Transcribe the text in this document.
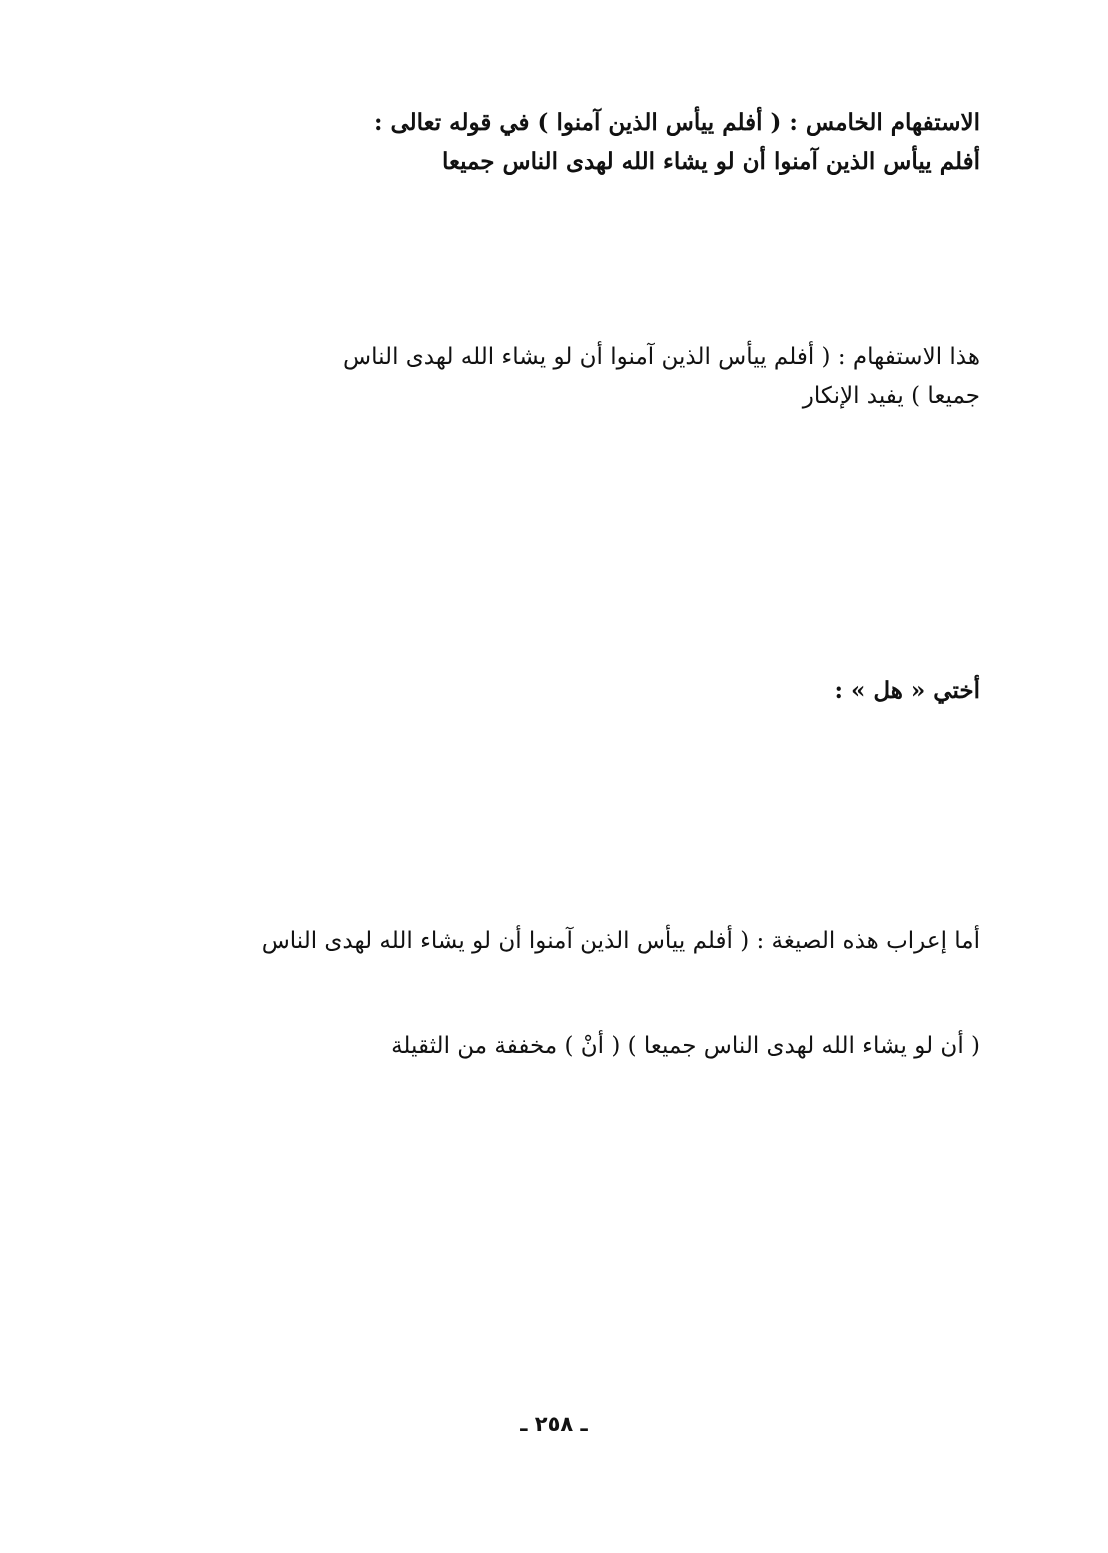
الاستفهام الخامس : ( أفلم ييأس الذين آمنوا ) في قوله تعالى :
أفلم ييأس الذين آمنوا أن لو يشاء الله لهدى الناس جميعا
هذا الاستفهام : ( أفلم ييأس الذين آمنوا أن لو يشاء الله لهدى الناس
جميعا ) يفيد الإنكار
أختي « هل » :
أما إعراب هذه الصيغة : ( أفلم ييأس الذين آمنوا أن لو يشاء الله لهدى الناس
( أن لو يشاء الله لهدى الناس جميعا ) ( أنْ ) مخففة من الثقيلة
ـ ٢٥٨ ـ
